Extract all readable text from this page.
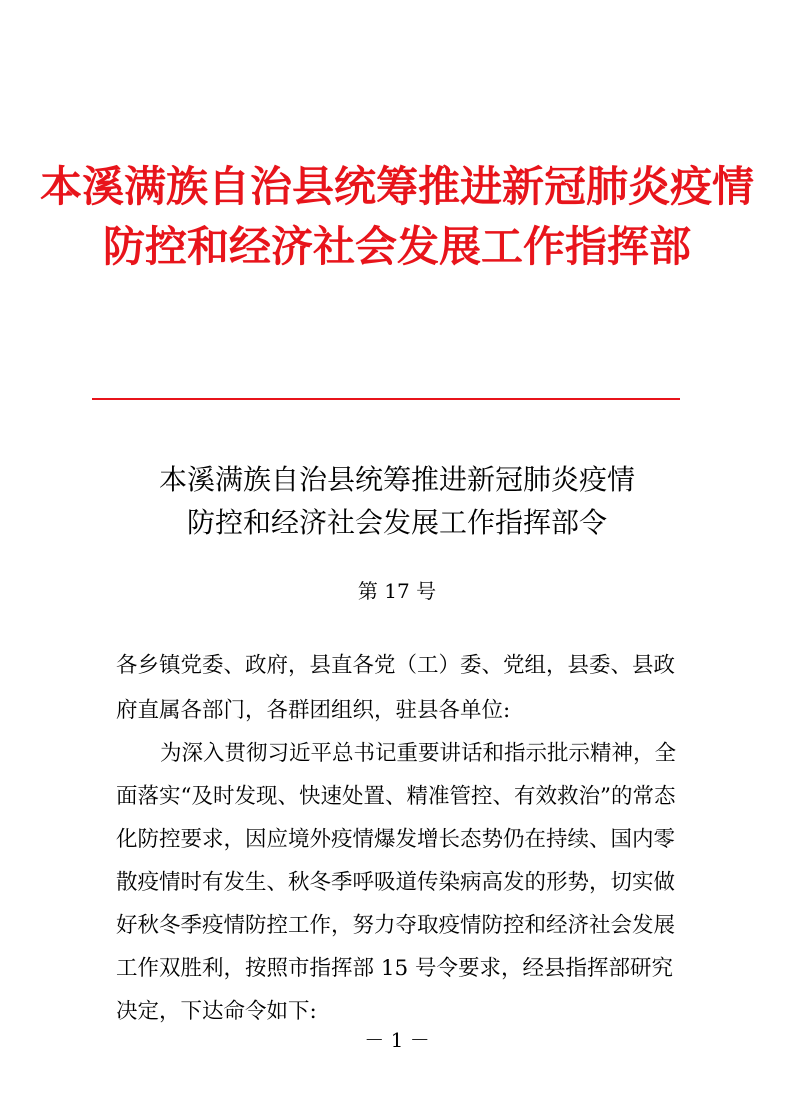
本溪满族自治县统筹推进新冠肺炎疫情
防控和经济社会发展工作指挥部
本溪满族自治县统筹推进新冠肺炎疫情
防控和经济社会发展工作指挥部令

第 17 号

各乡镇党委、政府，县直各党（工）委、党组，县委、县政

府直属各部门，各群团组织，驻县各单位:

为深入贯彻习近平总书记重要讲话和指示批示精神，全

面落实“及时发现、快速处置、精准管控、有效救治”的常态

化防控要求，因应境外疫情爆发增长态势仍在持续、国内零

散疫情时有发生、秋冬季呼吸道传染病高发的形势，切实做

好秋冬季疫情防控工作，努力夺取疫情防控和经济社会发展

工作双胜利，按照市指挥部 15 号令要求，经县指挥部研究

决定，下达命令如下:

－ 1 －
